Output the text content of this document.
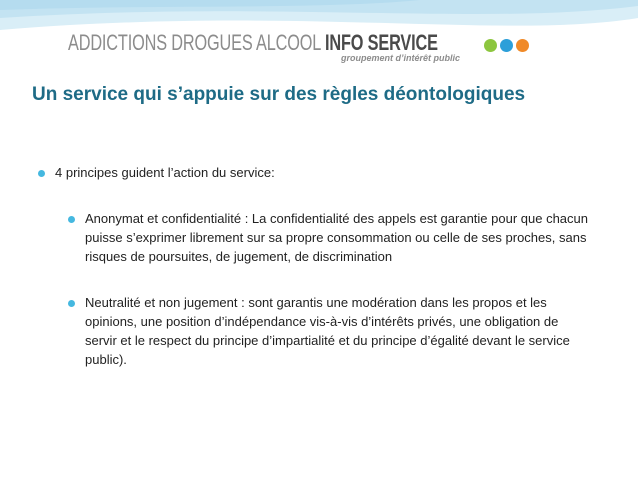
ADDICTIONS DROGUES ALCOOL INFO SERVICE
groupement d’intérêt public
Un service qui s’appuie sur des règles déontologiques
4 principes guident l’action du service:
Anonymat et confidentialité : La confidentialité des appels est garantie pour que chacun puisse s’exprimer librement sur sa propre consommation ou celle de ses proches, sans risques de poursuites, de jugement, de discrimination
Neutralité et non jugement : sont garantis une modération dans les propos et les opinions, une position d’indépendance vis-à-vis d’intérêts privés, une obligation de servir et le respect du principe d’impartialité et du principe d’égalité devant le service public).
